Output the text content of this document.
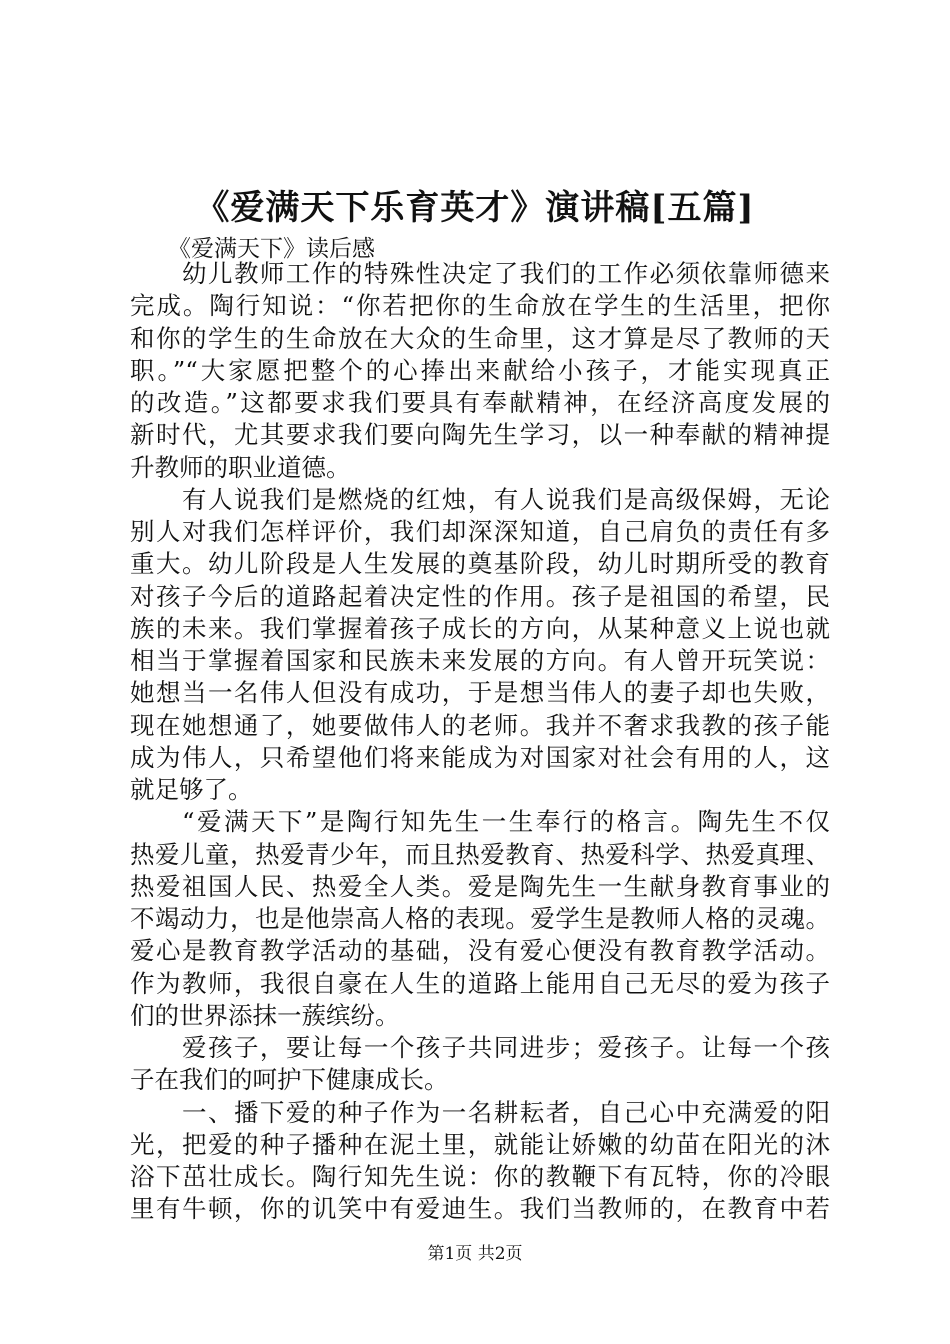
《爱满天下乐育英才》演讲稿[五篇]
《爱满天下》读后感
幼儿教师工作的特殊性决定了我们的工作必须依靠师德来
完成。陶行知说：“你若把你的生命放在学生的生活里，把你
和你的学生的生命放在大众的生命里，这才算是尽了教师的天
职。”“大家愿把整个的心捧出来献给小孩子，才能实现真正
的改造。”这都要求我们要具有奉献精神，在经济高度发展的
新时代，尤其要求我们要向陶先生学习，以一种奉献的精神提
升教师的职业道德。
有人说我们是燃烧的红烛，有人说我们是高级保姆，无论
别人对我们怎样评价，我们却深深知道，自己肩负的责任有多
重大。幼儿阶段是人生发展的奠基阶段，幼儿时期所受的教育
对孩子今后的道路起着决定性的作用。孩子是祖国的希望，民
族的未来。我们掌握着孩子成长的方向，从某种意义上说也就
相当于掌握着国家和民族未来发展的方向。有人曾开玩笑说：
她想当一名伟人但没有成功，于是想当伟人的妻子却也失败，
现在她想通了，她要做伟人的老师。我并不奢求我教的孩子能
成为伟人，只希望他们将来能成为对国家对社会有用的人，这
就足够了。
“爱满天下”是陶行知先生一生奉行的格言。陶先生不仅
热爱儿童，热爱青少年，而且热爱教育、热爱科学、热爱真理、
热爱祖国人民、热爱全人类。爱是陶先生一生献身教育事业的
不竭动力，也是他崇高人格的表现。爱学生是教师人格的灵魂。
爱心是教育教学活动的基础，没有爱心便没有教育教学活动。
作为教师，我很自豪在人生的道路上能用自己无尽的爱为孩子
们的世界添抹一蔟缤纷。
爱孩子，要让每一个孩子共同进步；爱孩子。让每一个孩
子在我们的呵护下健康成长。
一、播下爱的种子作为一名耕耘者，自己心中充满爱的阳
光，把爱的种子播种在泥土里，就能让娇嫩的幼苗在阳光的沐
浴下茁壮成长。陶行知先生说：你的教鞭下有瓦特，你的冷眼
里有牛顿，你的讥笑中有爱迪生。我们当教师的，在教育中若
第1页 共2页
